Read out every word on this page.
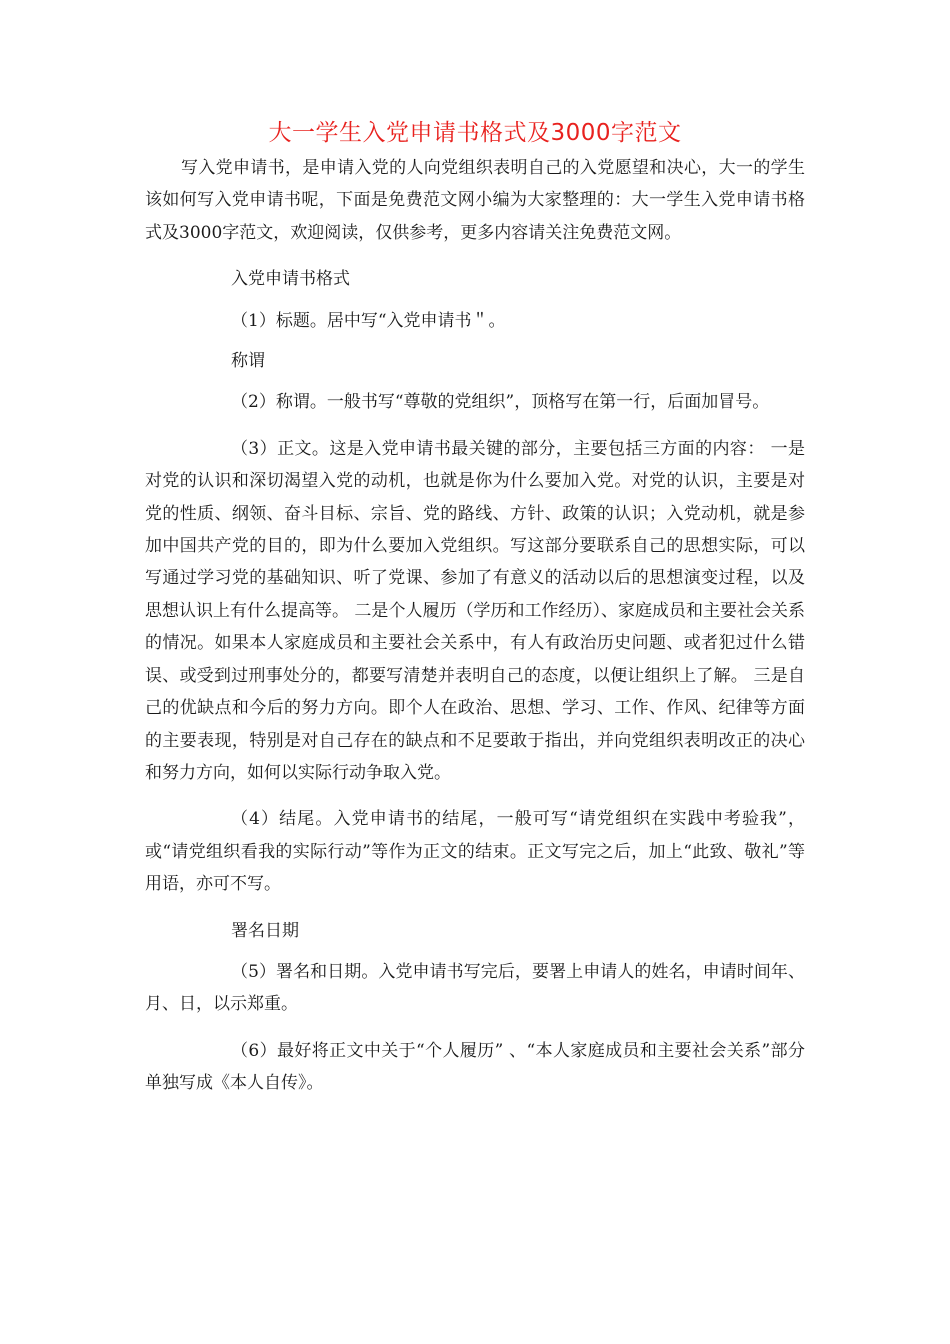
大一学生入党申请书格式及3000字范文

写入党申请书，是申请入党的人向党组织表明自己的入党愿望和决心，大一的学生该如何写入党申请书呢，下面是免费范文网小编为大家整理的：大一学生入党申请书格式及3000字范文，欢迎阅读，仅供参考，更多内容请关注免费范文网。

入党申请书格式

（1）标题。居中写“入党申请书＂。

称谓

（2）称谓。一般书写“尊敬的党组织”，顶格写在第一行，后面加冒号。

（3）正文。这是入党申请书最关键的部分，主要包括三方面的内容： 一是对党的认识和深切渴望入党的动机，也就是你为什么要加入党。对党的认识，主要是对党的性质、纲领、奋斗目标、宗旨、党的路线、方针、政策的认识；入党动机，就是参加中国共产党的目的，即为什么要加入党组织。写这部分要联系自己的思想实际，可以写通过学习党的基础知识、听了党课、参加了有意义的活动以后的思想演变过程，以及思想认识上有什么提高等。 二是个人履历（学历和工作经历）、家庭成员和主要社会关系的情况。如果本人家庭成员和主要社会关系中，有人有政治历史问题、或者犯过什么错误、或受到过刑事处分的，都要写清楚并表明自己的态度，以便让组织上了解。 三是自己的优缺点和今后的努力方向。即个人在政治、思想、学习、工作、作风、纪律等方面的主要表现，特别是对自己存在的缺点和不足要敢于指出，并向党组织表明改正的决心和努力方向，如何以实际行动争取入党。

（4）结尾。入党申请书的结尾，一般可写“请党组织在实践中考验我”，或“请党组织看我的实际行动”等作为正文的结束。正文写完之后，加上“此致、敬礼”等用语，亦可不写。

署名日期

（5）署名和日期。入党申请书写完后，要署上申请人的姓名，申请时间年、月、日，以示郑重。

（6）最好将正文中关于“个人履历” 、“本人家庭成员和主要社会关系”部分单独写成《本人自传》。
